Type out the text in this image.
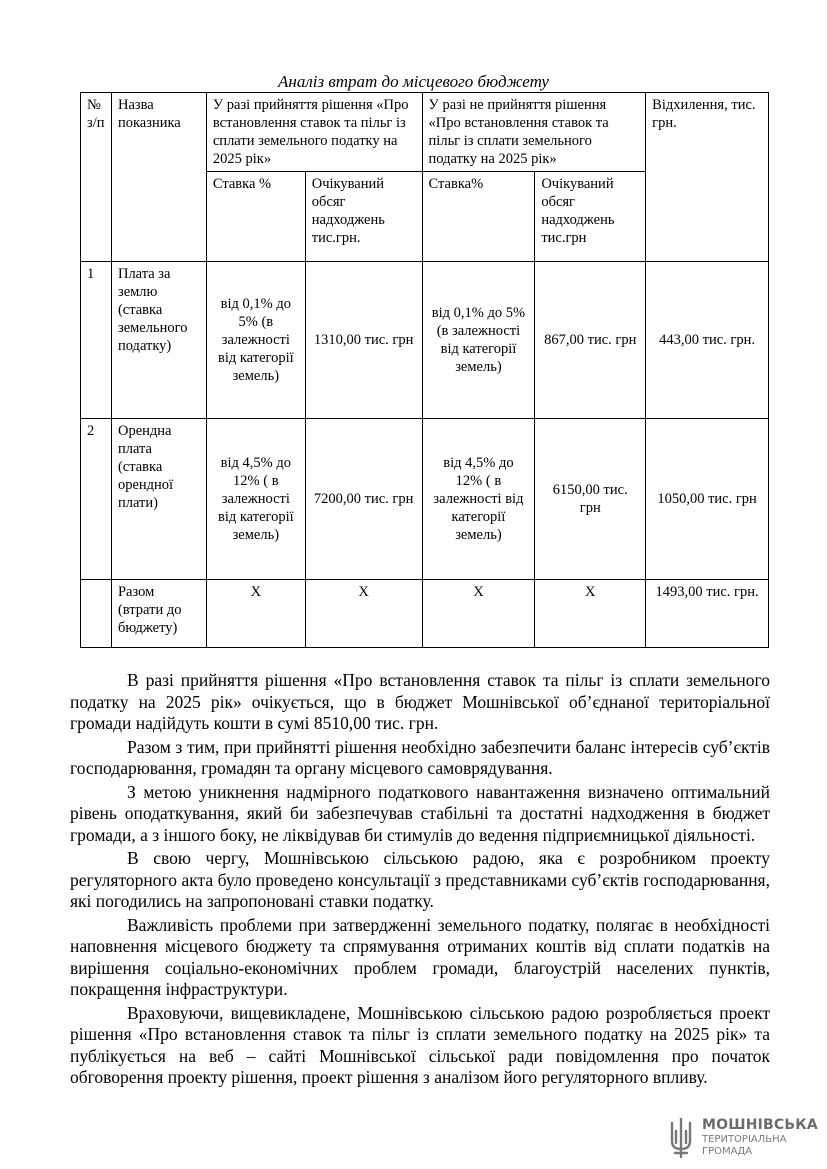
Аналіз втрат до місцевого бюджету
№ з/п	Назва показника	У разі прийняття рішення «Про встановлення ставок та пільг із сплати земельного податку на 2025 рік»		У разі не прийняття рішення «Про встановлення ставок та пільг із сплати земельного податку на 2025 рік»		Відхилення, тис. грн.
		Ставка %	Очікуваний обсяг надходжень тис.грн.	Ставка%	Очікуваний обсяг надходжень тис.грн	
1	Плата за землю (ставка земельного податку)	від 0,1% до 5% (в залежності від категорії земель)	1310,00 тис. грн	від 0,1% до 5% (в залежності від категорії земель)	867,00 тис. грн	443,00 тис. грн.
2	Орендна плата (ставка орендної плати)	від 4,5% до 12% ( в залежності від категорії земель)	7200,00 тис. грн	від 4,5% до 12% ( в залежності від категорії земель)	6150,00 тис. грн	1050,00 тис. грн
	Разом (втрати до бюджету)	Х	Х	Х	Х	1493,00 тис. грн.

В разі прийняття рішення «Про встановлення ставок та пільг із сплати земельного податку на 2025 рік» очікується, що в бюджет Мошнівської об’єднаної територіальної громади надійдуть кошти в сумі 8510,00 тис. грн.

Разом з тим, при прийнятті рішення необхідно забезпечити баланс інтересів суб’єктів господарювання, громадян та органу місцевого самоврядування.

З метою уникнення надмірного податкового навантаження визначено оптимальний рівень оподаткування, який би забезпечував стабільні та достатні надходження в бюджет громади, а з іншого боку, не ліквідував би стимулів до ведення підприємницької діяльності.

В свою чергу, Мошнівською сільською радою, яка є розробником проекту регуляторного акта було проведено консультації з представниками суб’єктів господарювання, які погодились на запропоновані ставки податку.

Важливість проблеми при затвердженні земельного податку, полягає в необхідності наповнення місцевого бюджету та спрямування отриманих коштів від сплати податків на вирішення соціально-економічних проблем громади, благоустрій населених пунктів, покращення інфраструктури.

Враховуючи, вищевикладене, Мошнівською сільською радою розробляється проект рішення «Про встановлення ставок та пільг із сплати земельного податку на 2025 рік» та публікується на веб – сайті Мошнівської сільської ради повідомлення про початок обговорення проекту рішення, проект рішення з аналізом його регуляторного впливу.

МОШНІВСЬКА
ТЕРИТОРІАЛЬНА
ГРОМАДА
